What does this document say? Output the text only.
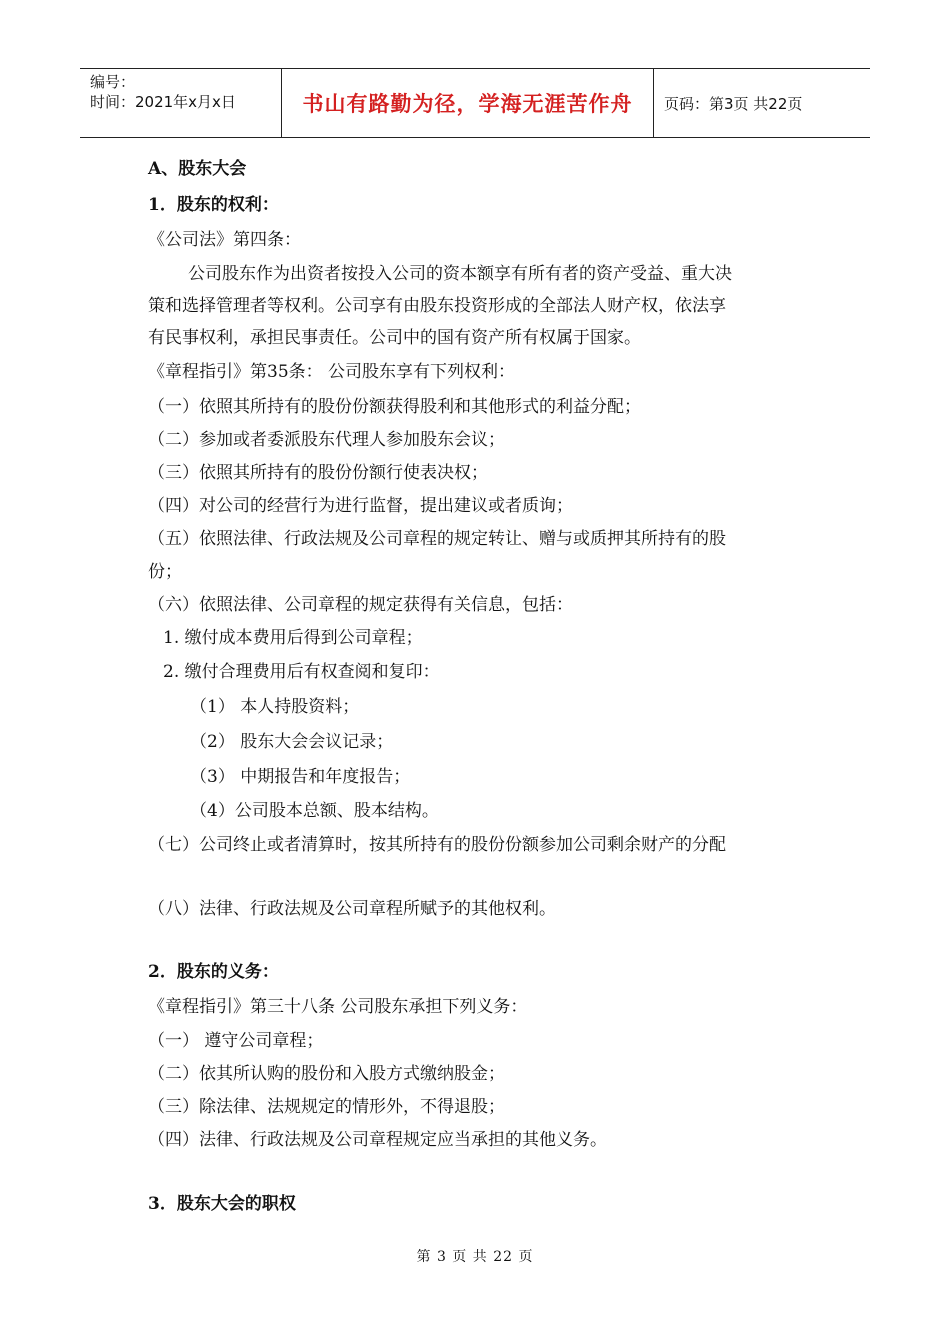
编号：
时间：2021年x月x日	书山有路勤为径，学海无涯苦作舟 页码：第3页 共22页
A、股东大会
1．股东的权利：
《公司法》第四条：
公司股东作为出资者按投入公司的资本额享有所有者的资产受益、重大决
策和选择管理者等权利。公司享有由股东投资形成的全部法人财产权，依法享
有民事权利，承担民事责任。公司中的国有资产所有权属于国家。
《章程指引》第35条： 公司股东享有下列权利：
（一）依照其所持有的股份份额获得股利和其他形式的利益分配；
（二）参加或者委派股东代理人参加股东会议；
（三）依照其所持有的股份份额行使表决权；
（四）对公司的经营行为进行监督，提出建议或者质询；
（五）依照法律、行政法规及公司章程的规定转让、赠与或质押其所持有的股
份；
（六）依照法律、公司章程的规定获得有关信息，包括：
1. 缴付成本费用后得到公司章程；
2. 缴付合理费用后有权查阅和复印：
（1） 本人持股资料；
（2） 股东大会会议记录；
（3） 中期报告和年度报告；
（4）公司股本总额、股本结构。
（七）公司终止或者清算时，按其所持有的股份份额参加公司剩余财产的分配
（八）法律、行政法规及公司章程所赋予的其他权利。
2．股东的义务：
《章程指引》第三十八条 公司股东承担下列义务：
（一） 遵守公司章程；
（二）依其所认购的股份和入股方式缴纳股金；
（三）除法律、法规规定的情形外，不得退股；
（四）法律、行政法规及公司章程规定应当承担的其他义务。
3．股东大会的职权
第 3 页 共 22 页
